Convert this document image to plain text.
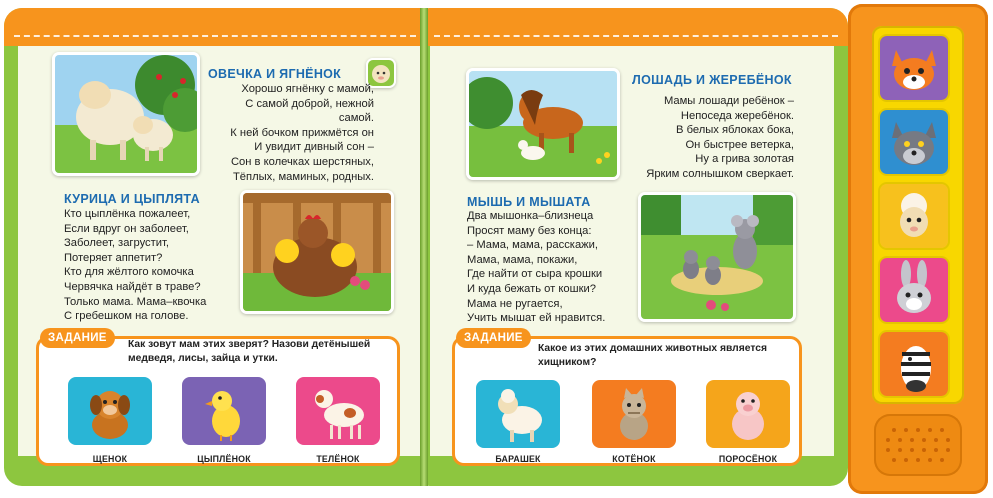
ОВЕЧКА И ЯГНЁНОК
Хорошо ягнёнку с мамой,
С самой доброй, нежной
самой.
К ней бочком прижмётся он
И увидит дивный сон –
Сон в колечках шерстяных,
Тёплых, маминых, родных.
КУРИЦА И ЦЫПЛЯТА
Кто цыплёнка пожалеет,
Если вдруг он заболеет,
Заболеет, загрустит,
Потеряет аппетит?
Кто для жёлтого комочка
Червячка найдёт в траве?
Только мама. Мама–квочка
С гребешком на голове.
ЗАДАНИЕ
Как зовут мам этих зверят? Назови детёнышей
медведя, лисы, зайца и утки.
ЩЕНОК	ЦЫПЛЁНОК	ТЕЛЁНОК
ЛОШАДЬ И ЖЕРЕБЁНОК
Мамы лошади ребёнок –
Непоседа жеребёнок.
В белых яблоках бока,
Он быстрее ветерка,
Ну а грива золотая
Ярким солнышком сверкает.
МЫШЬ И МЫШАТА
Два мышонка–близнеца
Просят маму без конца:
– Мама, мама, расскажи,
Мама, мама, покажи,
Где найти от сыра крошки
И куда бежать от кошки?
Мама не ругается,
Учить мышат ей нравится.
ЗАДАНИЕ
Какое из этих домашних животных является
хищником?
БАРАШЕК	КОТЁНОК	ПОРОСЁНОК
